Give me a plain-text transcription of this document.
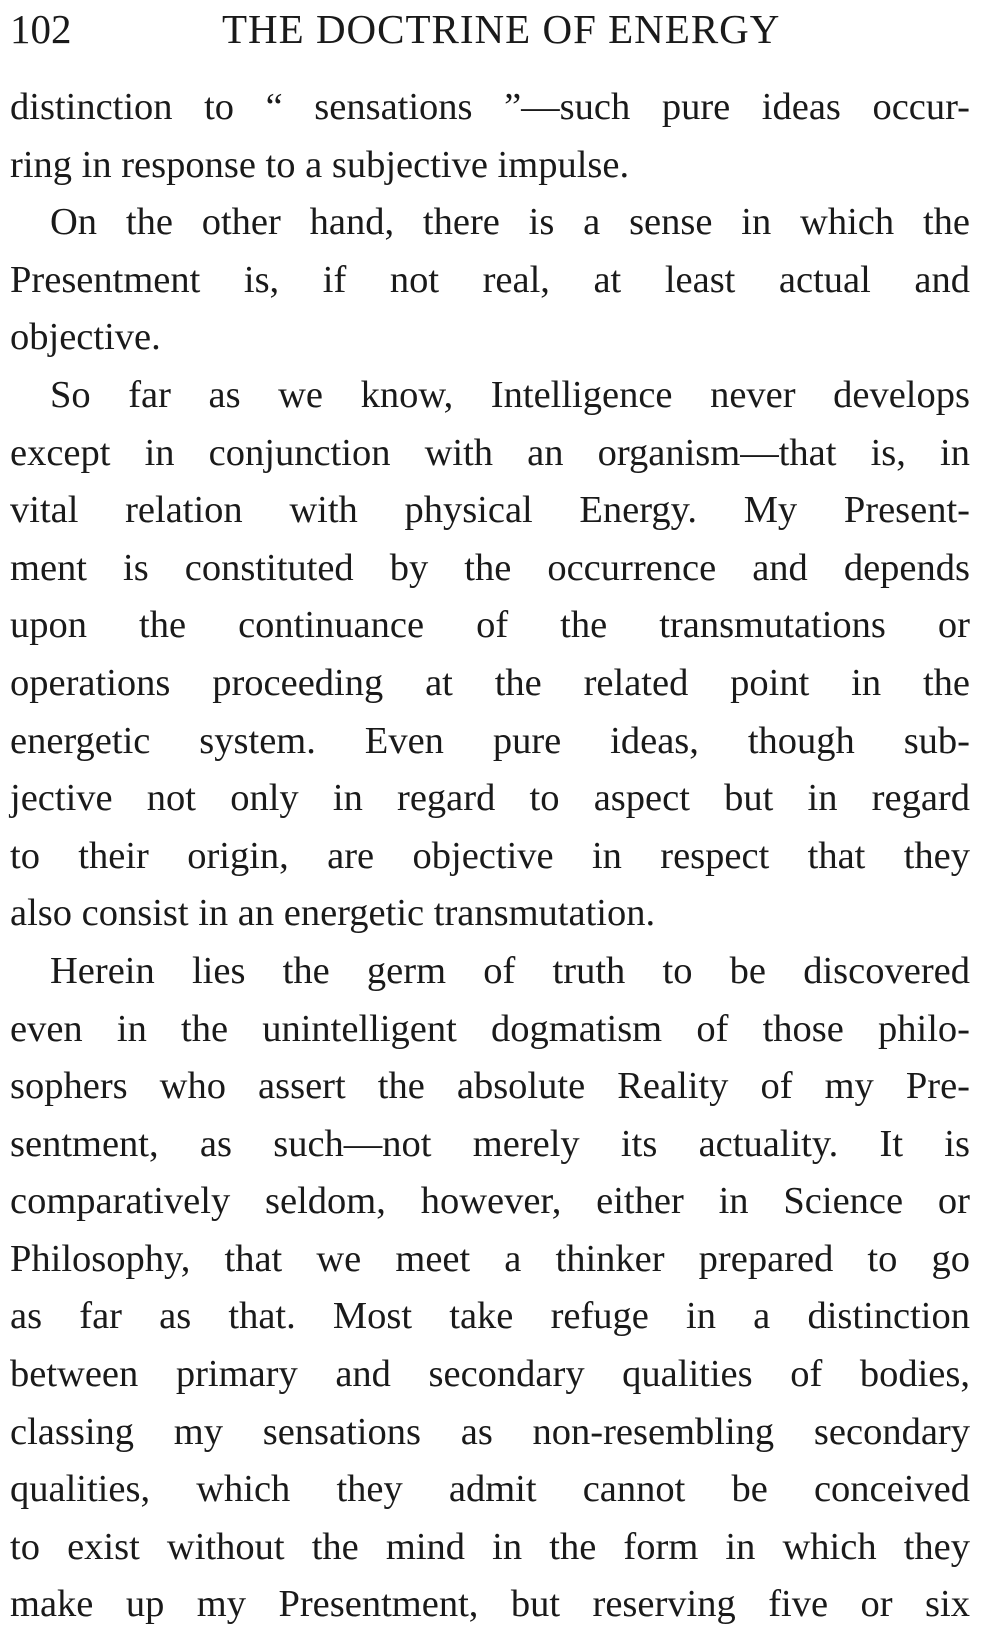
102	THE DOCTRINE OF ENERGY

distinction to “ sensations ”—such pure ideas occur-
ring in response to a subjective impulse.

On the other hand, there is a sense in which the
Presentment is, if not real, at least actual and
objective.

So far as we know, Intelligence never develops
except in conjunction with an organism—that is, in
vital relation with physical Energy. My Present-
ment is constituted by the occurrence and depends
upon the continuance of the transmutations or
operations proceeding at the related point in the
energetic system. Even pure ideas, though sub-
jective not only in regard to aspect but in regard
to their origin, are objective in respect that they
also consist in an energetic transmutation.

Herein lies the germ of truth to be discovered
even in the unintelligent dogmatism of those philo-
sophers who assert the absolute Reality of my Pre-
sentment, as such—not merely its actuality. It is
comparatively seldom, however, either in Science or
Philosophy, that we meet a thinker prepared to go
as far as that. Most take refuge in a distinction
between primary and secondary qualities of bodies,
classing my sensations as non-resembling secondary
qualities, which they admit cannot be conceived
to exist without the mind in the form in which they
make up my Presentment, but reserving five or six
